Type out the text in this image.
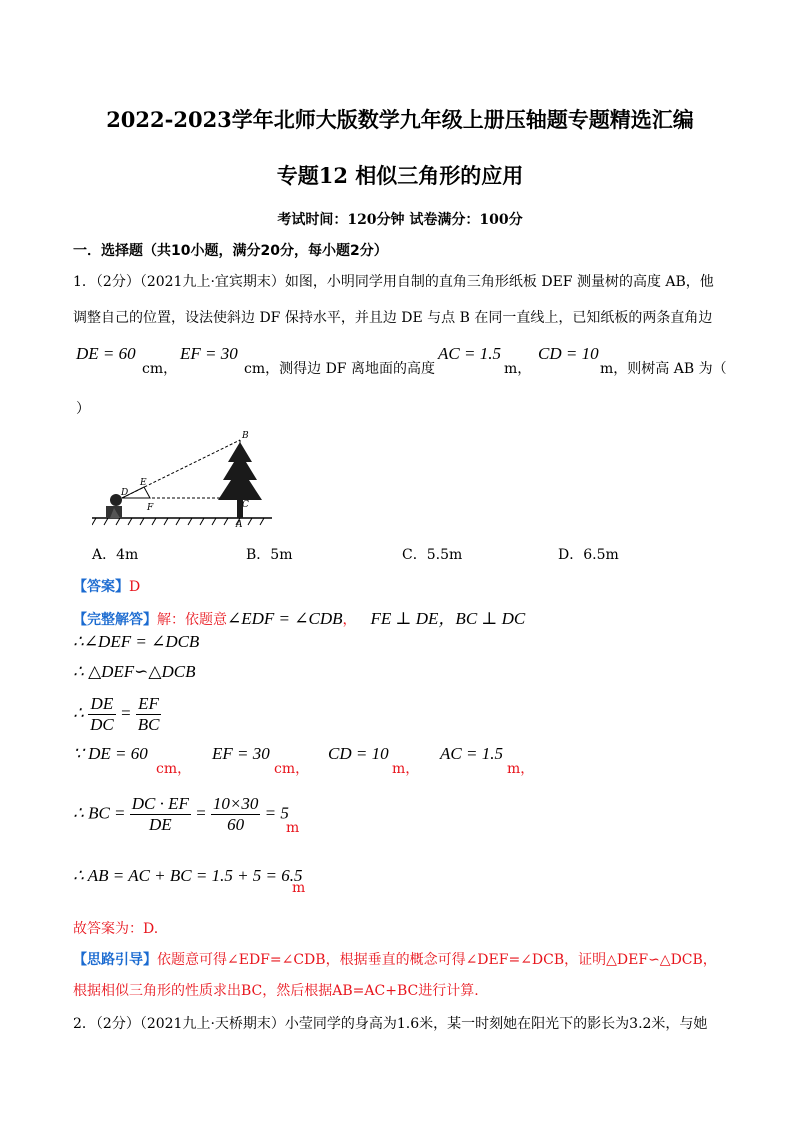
2022-2023学年北师大版数学九年级上册压轴题专题精选汇编
专题12 相似三角形的应用
考试时间：120分钟 试卷满分：100分
一．选择题（共10小题，满分20分，每小题2分）
1．（2分）（2021九上·宜宾期末）如图，小明同学用自制的直角三角形纸板 DEF 测量树的高度 AB，他
调整自己的位置，设法使斜边 DF 保持水平，并且边 DE 与点 B 在同一直线上，已知纸板的两条直角边
DE = 60
cm，
EF = 30
cm，测得边 DF 离地面的高度
AC = 1.5
m，
CD = 10
m，则树高 AB 为（
）
B
E
D
F	C
A
A．4m	B．5m	C．5.5m	D．6.5m
【答案】D
【完整解答】解：依题意∠EDF = ∠CDB， FE ⊥ DE，BC ⊥ DC
∴∠DEF = ∠DCB
∴ △DEF∽△DCB
∴ $\frac{DE}{DC} = \frac{EF}{BC}$
∵ DE = 60
cm，
EF = 30
cm，
CD = 10
m，
AC = 1.5
m，
∴ BC = $\frac{DC \cdot EF}{DE} = \frac{10\times 30}{60} = 5$
m
∴ AB = AC + BC = 1.5 + 5 = 6.5
m
故答案为：D.
【思路引导】依题意可得∠EDF=∠CDB，根据垂直的概念可得∠DEF=∠DCB，证明△DEF∽△DCB，
根据相似三角形的性质求出BC，然后根据AB=AC+BC进行计算.
2．（2分）（2021九上·天桥期末）小莹同学的身高为1.6米，某一时刻她在阳光下的影长为3.2米，与她
